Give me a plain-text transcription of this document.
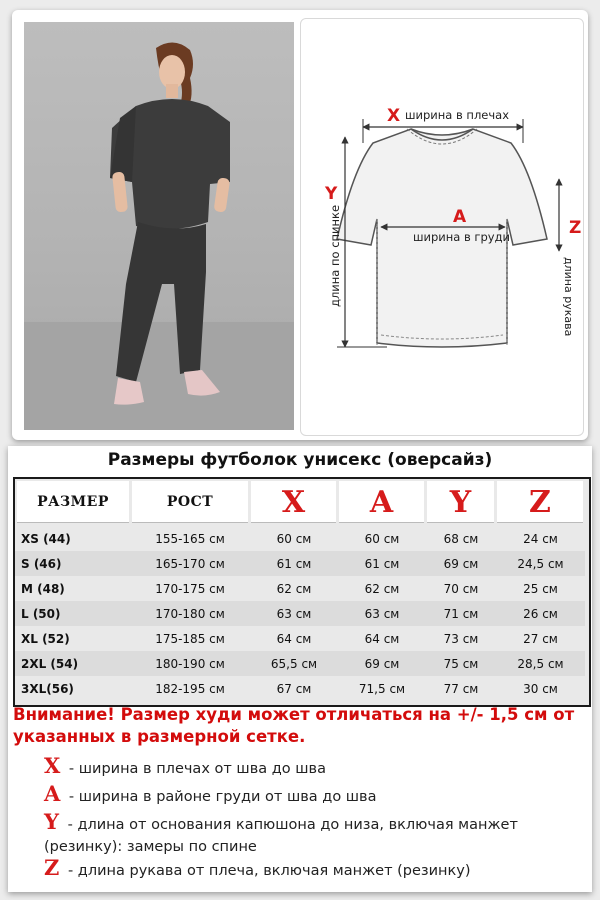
X ширина в плечах
A
ширина в груди
Y
длина по спинке	Z
длина рукава
Размеры футболок унисекс (оверсайз)
РАЗМЕР	РОСТ	X	A	Y	Z
XS (44)	155-165 см	60 см	60 см	68 см	24 см
S (46)	165-170 см	61 см	61 см	69 см	24,5 см
M (48)	170-175 см	62 см	62 см	70 см	25 см
L (50)	170-180 см	63 см	63 см	71 см	26 см
XL (52)	175-185 см	64 см	64 см	73 см	27 см
2XL (54)	180-190 см	65,5 см	69 см	75 см	28,5 см
3XL(56)	182-195 см	67 см	71,5 см	77 см	30 см
Внимание! Размер худи может отличаться на +/- 1,5 см от указанных в размерной сетке.
X - ширина в плечах от шва до шва
A - ширина в районе груди от шва до шва
Y - длина от основания капюшона до низа, включая манжет (резинку): замеры по спине
Z - длина рукава от плеча, включая манжет (резинку)
